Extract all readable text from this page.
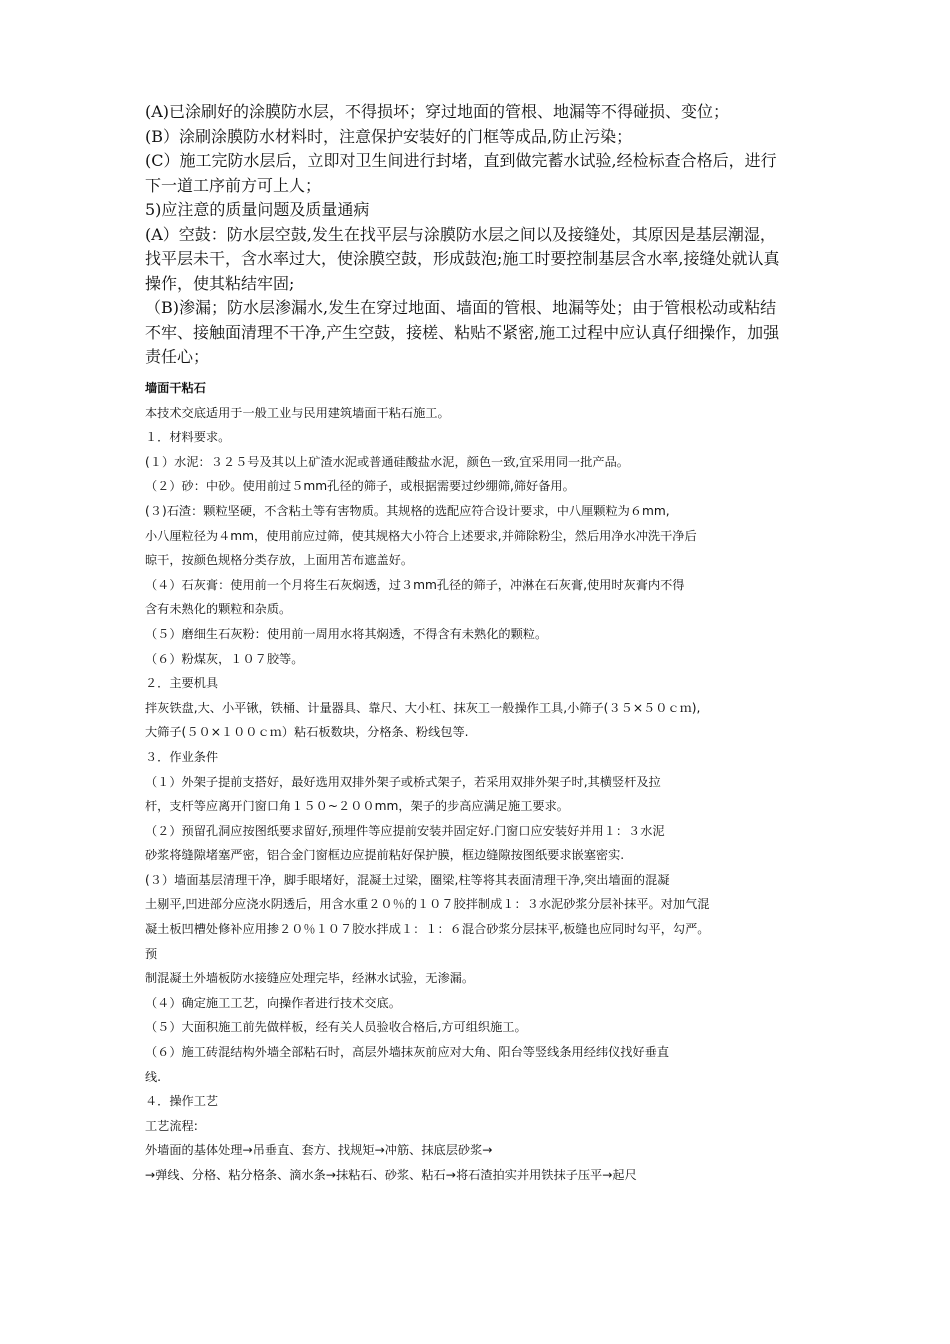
(A)已涂刷好的涂膜防水层，不得损坏；穿过地面的管根、地漏等不得碰损、变位；
(B）涂刷涂膜防水材料时，注意保护安装好的门框等成品,防止污染；
(C）施工完防水层后，立即对卫生间进行封堵，直到做完蓄水试验,经检标查合格后，进行
下一道工序前方可上人；
5)应注意的质量问题及质量通病
(A）空鼓：防水层空鼓,发生在找平层与涂膜防水层之间以及接缝处，其原因是基层潮湿，
找平层未干，含水率过大，使涂膜空鼓，形成鼓泡;施工时要控制基层含水率,接缝处就认真
操作，使其粘结牢固;
（B)渗漏；防水层渗漏水,发生在穿过地面、墙面的管根、地漏等处；由于管根松动或粘结
不牢、接触面清理不干净,产生空鼓，接槎、粘贴不紧密,施工过程中应认真仔细操作，加强
责任心；
墙面干粘石
本技术交底适用于一般工业与民用建筑墙面干粘石施工。
１．材料要求。
(１）水泥：３２５号及其以上矿渣水泥或普通硅酸盐水泥，颜色一致,宜采用同一批产品。
（２）砂：中砂。使用前过５mm孔径的筛子，或根据需要过纱绷筛,筛好备用。
(３)石渣：颗粒坚硬，不含粘土等有害物质。其规格的选配应符合设计要求，中八厘颗粒为６mm,
小八厘粒径为４mm，使用前应过筛，使其规格大小符合上述要求,并筛除粉尘，然后用净水冲洗干净后
晾干，按颜色规格分类存放，上面用苫布遮盖好。
（４）石灰膏：使用前一个月将生石灰焖透，过３mm孔径的筛子，冲淋在石灰膏,使用时灰膏内不得
含有未熟化的颗粒和杂质。
（５）磨细生石灰粉：使用前一周用水将其焖透，不得含有未熟化的颗粒。
（６）粉煤灰，１０７胶等。
２．主要机具
拌灰铁盘,大、小平锹，铁桶、计量器具、靠尺、大小杠、抹灰工一般操作工具,小筛子(３５×５０ｃｍ),
大筛子(５０×１００ｃｍ）粘石板数块，分格条、粉线包等.
３．作业条件
（１）外架子提前支搭好，最好选用双排外架子或桥式架子，若采用双排外架子时,其横竖杆及拉
杆，支杆等应离开门窗口角１５０~２００mm，架子的步高应满足施工要求。
（２）预留孔洞应按图纸要求留好,预埋件等应提前安装并固定好.门窗口应安装好并用１：３水泥
砂浆将缝隙堵塞严密，铝合金门窗框边应提前粘好保护膜，框边缝隙按图纸要求嵌塞密实.
(３）墙面基层清理干净，脚手眼堵好，混凝土过梁，圈梁,柱等将其表面清理干净,突出墙面的混凝
土剔平,凹进部分应浇水阴透后，用含水重２０％的１０７胶拌制成１：３水泥砂浆分层补抹平。对加气混
凝土板凹槽处修补应用掺２０％１０７胶水拌成１：１：６混合砂浆分层抹平,板缝也应同时勾平，勾严。
预
制混凝土外墙板防水接缝应处理完毕，经淋水试验，无渗漏。
（４）确定施工工艺，向操作者进行技术交底。
（５）大面积施工前先做样板，经有关人员验收合格后,方可组织施工。
（６）施工砖混结构外墙全部粘石时，高层外墙抹灰前应对大角、阳台等竖线条用经纬仪找好垂直
线.
４．操作工艺
工艺流程:
外墙面的基体处理→吊垂直、套方、找规矩→冲筋、抹底层砂浆→
→弹线、分格、粘分格条、滴水条→抹粘石、砂浆、粘石→将石渣拍实并用铁抹子压平→起尺
